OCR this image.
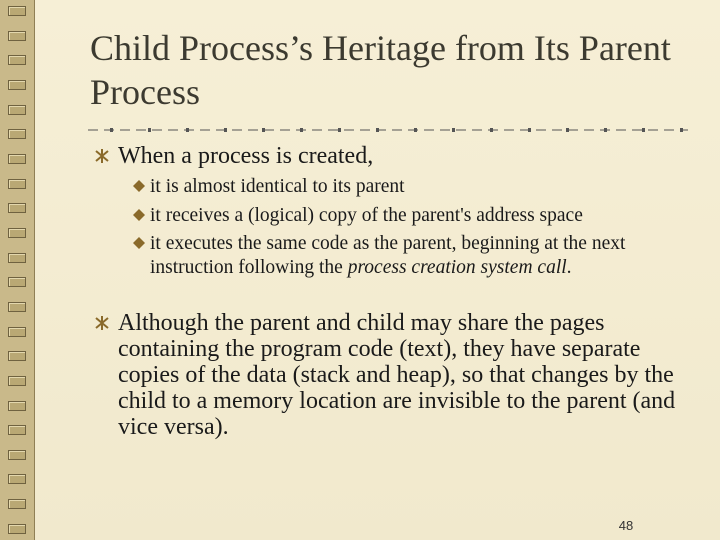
Child Process’s Heritage from Its Parent Process
When a process is created,
it is almost identical to its parent
it receives a (logical) copy of the parent's address space
it executes the same code as the parent, beginning at the next instruction following the process creation system call.
Although the parent and child may share the pages containing the program code (text), they have separate copies of the data (stack and heap), so that changes by the child to a memory location are invisible to the parent (and vice versa).
48
